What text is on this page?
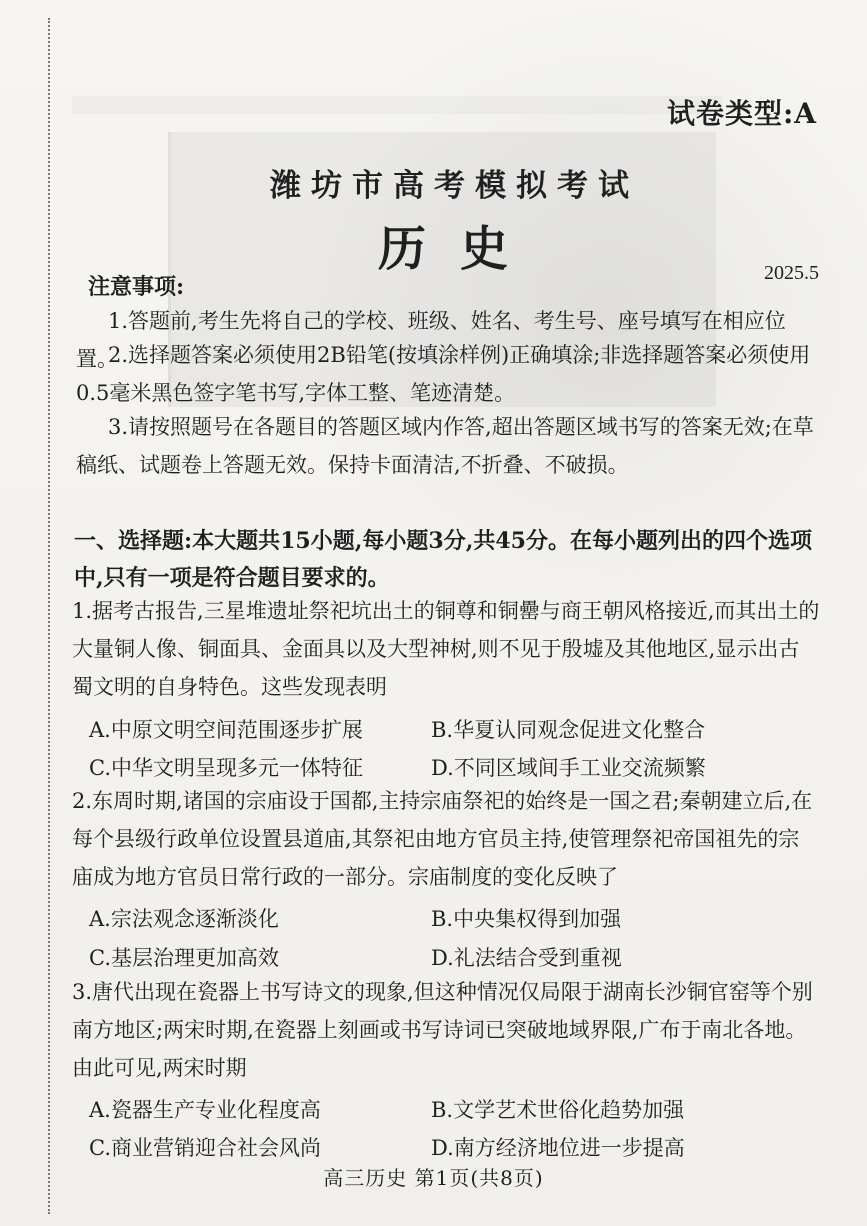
试卷类型:A
潍坊市高考模拟考试
历史	2025.5
注意事项:
1.答题前,考生先将自己的学校、班级、姓名、考生号、座号填写在相应位置。
2.选择题答案必须使用2B铅笔(按填涂样例)正确填涂;非选择题答案必须使用0.5毫米黑色签字笔书写,字体工整、笔迹清楚。
3.请按照题号在各题目的答题区域内作答,超出答题区域书写的答案无效;在草稿纸、试题卷上答题无效。保持卡面清洁,不折叠、不破损。
一、选择题:本大题共15小题,每小题3分,共45分。在每小题列出的四个选项中,只有一项是符合题目要求的。
1.据考古报告,三星堆遗址祭祀坑出土的铜尊和铜罍与商王朝风格接近,而其出土的大量铜人像、铜面具、金面具以及大型神树,则不见于殷墟及其他地区,显示出古蜀文明的自身特色。这些发现表明
A.中原文明空间范围逐步扩展	B.华夏认同观念促进文化整合
C.中华文明呈现多元一体特征	D.不同区域间手工业交流频繁
2.东周时期,诸国的宗庙设于国都,主持宗庙祭祀的始终是一国之君;秦朝建立后,在每个县级行政单位设置县道庙,其祭祀由地方官员主持,使管理祭祀帝国祖先的宗庙成为地方官员日常行政的一部分。宗庙制度的变化反映了
A.宗法观念逐渐淡化	B.中央集权得到加强
C.基层治理更加高效	D.礼法结合受到重视
3.唐代出现在瓷器上书写诗文的现象,但这种情况仅局限于湖南长沙铜官窑等个别南方地区;两宋时期,在瓷器上刻画或书写诗词已突破地域界限,广布于南北各地。由此可见,两宋时期
A.瓷器生产专业化程度高	B.文学艺术世俗化趋势加强
C.商业营销迎合社会风尚	D.南方经济地位进一步提高
高三历史 第1页(共8页)
